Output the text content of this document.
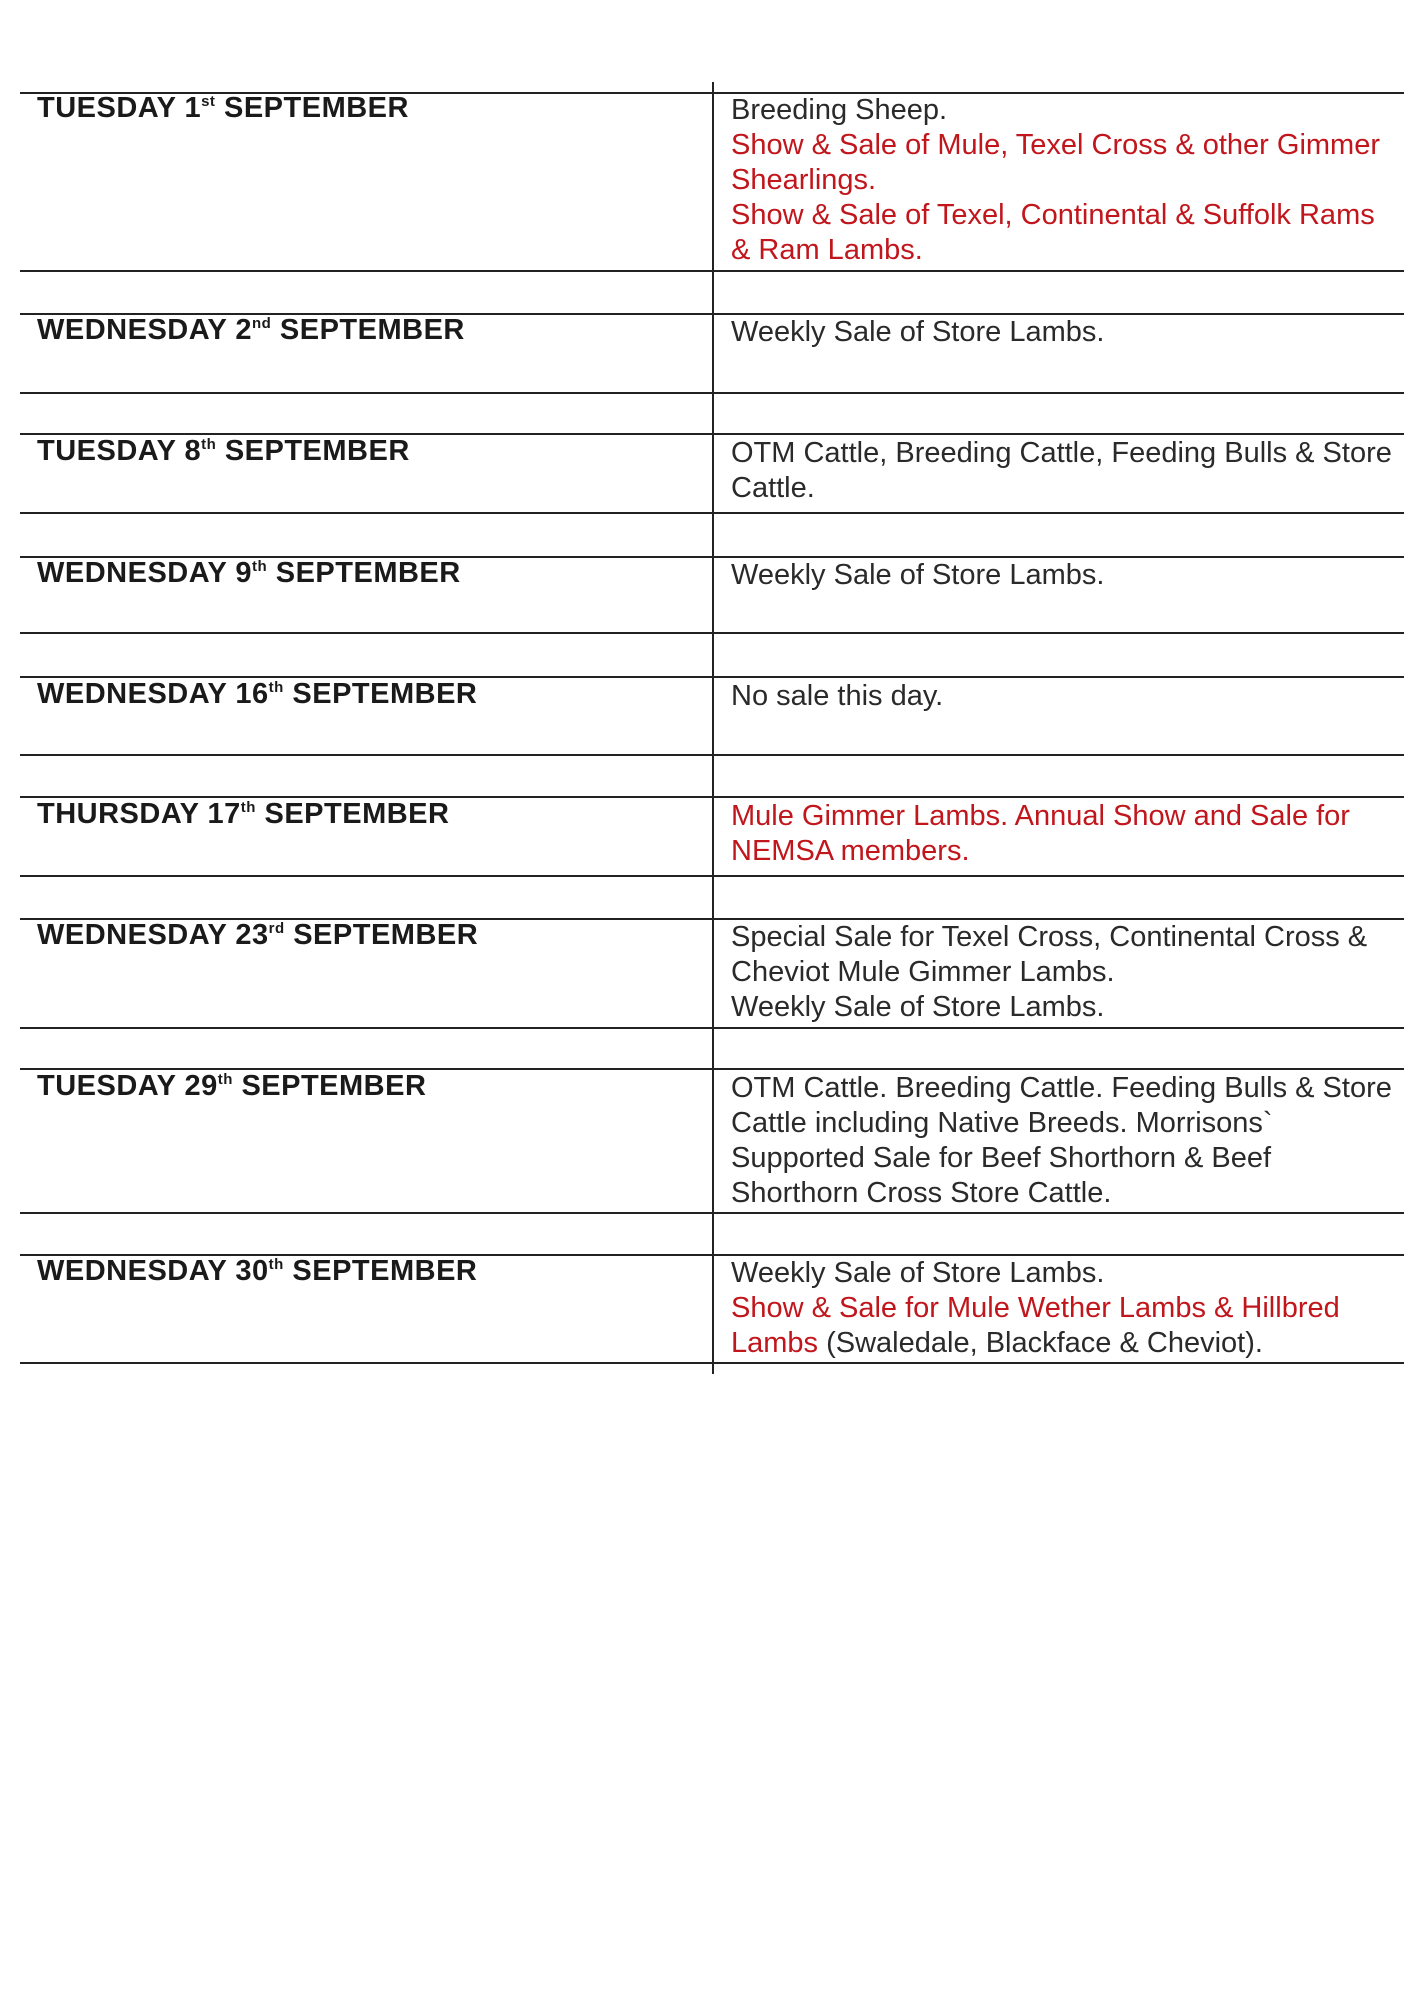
TUESDAY 1st SEPTEMBER	Breeding Sheep.
Show & Sale of Mule, Texel Cross & other Gimmer Shearlings.
Show & Sale of Texel, Continental & Suffolk Rams & Ram Lambs.
WEDNESDAY 2nd SEPTEMBER	Weekly Sale of Store Lambs.
TUESDAY 8th SEPTEMBER	OTM Cattle, Breeding Cattle, Feeding Bulls & Store Cattle.
WEDNESDAY 9th SEPTEMBER	Weekly Sale of Store Lambs.
WEDNESDAY 16th SEPTEMBER	No sale this day.
THURSDAY 17th SEPTEMBER	Mule Gimmer Lambs. Annual Show and Sale for NEMSA members.
WEDNESDAY 23rd SEPTEMBER	Special Sale for Texel Cross, Continental Cross & Cheviot Mule Gimmer Lambs.
Weekly Sale of Store Lambs.
TUESDAY 29th SEPTEMBER	OTM Cattle. Breeding Cattle. Feeding Bulls & Store Cattle including Native Breeds. Morrisons` Supported Sale for Beef Shorthorn & Beef Shorthorn Cross Store Cattle.
WEDNESDAY 30th SEPTEMBER	Weekly Sale of Store Lambs.
Show & Sale for Mule Wether Lambs & Hillbred Lambs (Swaledale, Blackface & Cheviot).
